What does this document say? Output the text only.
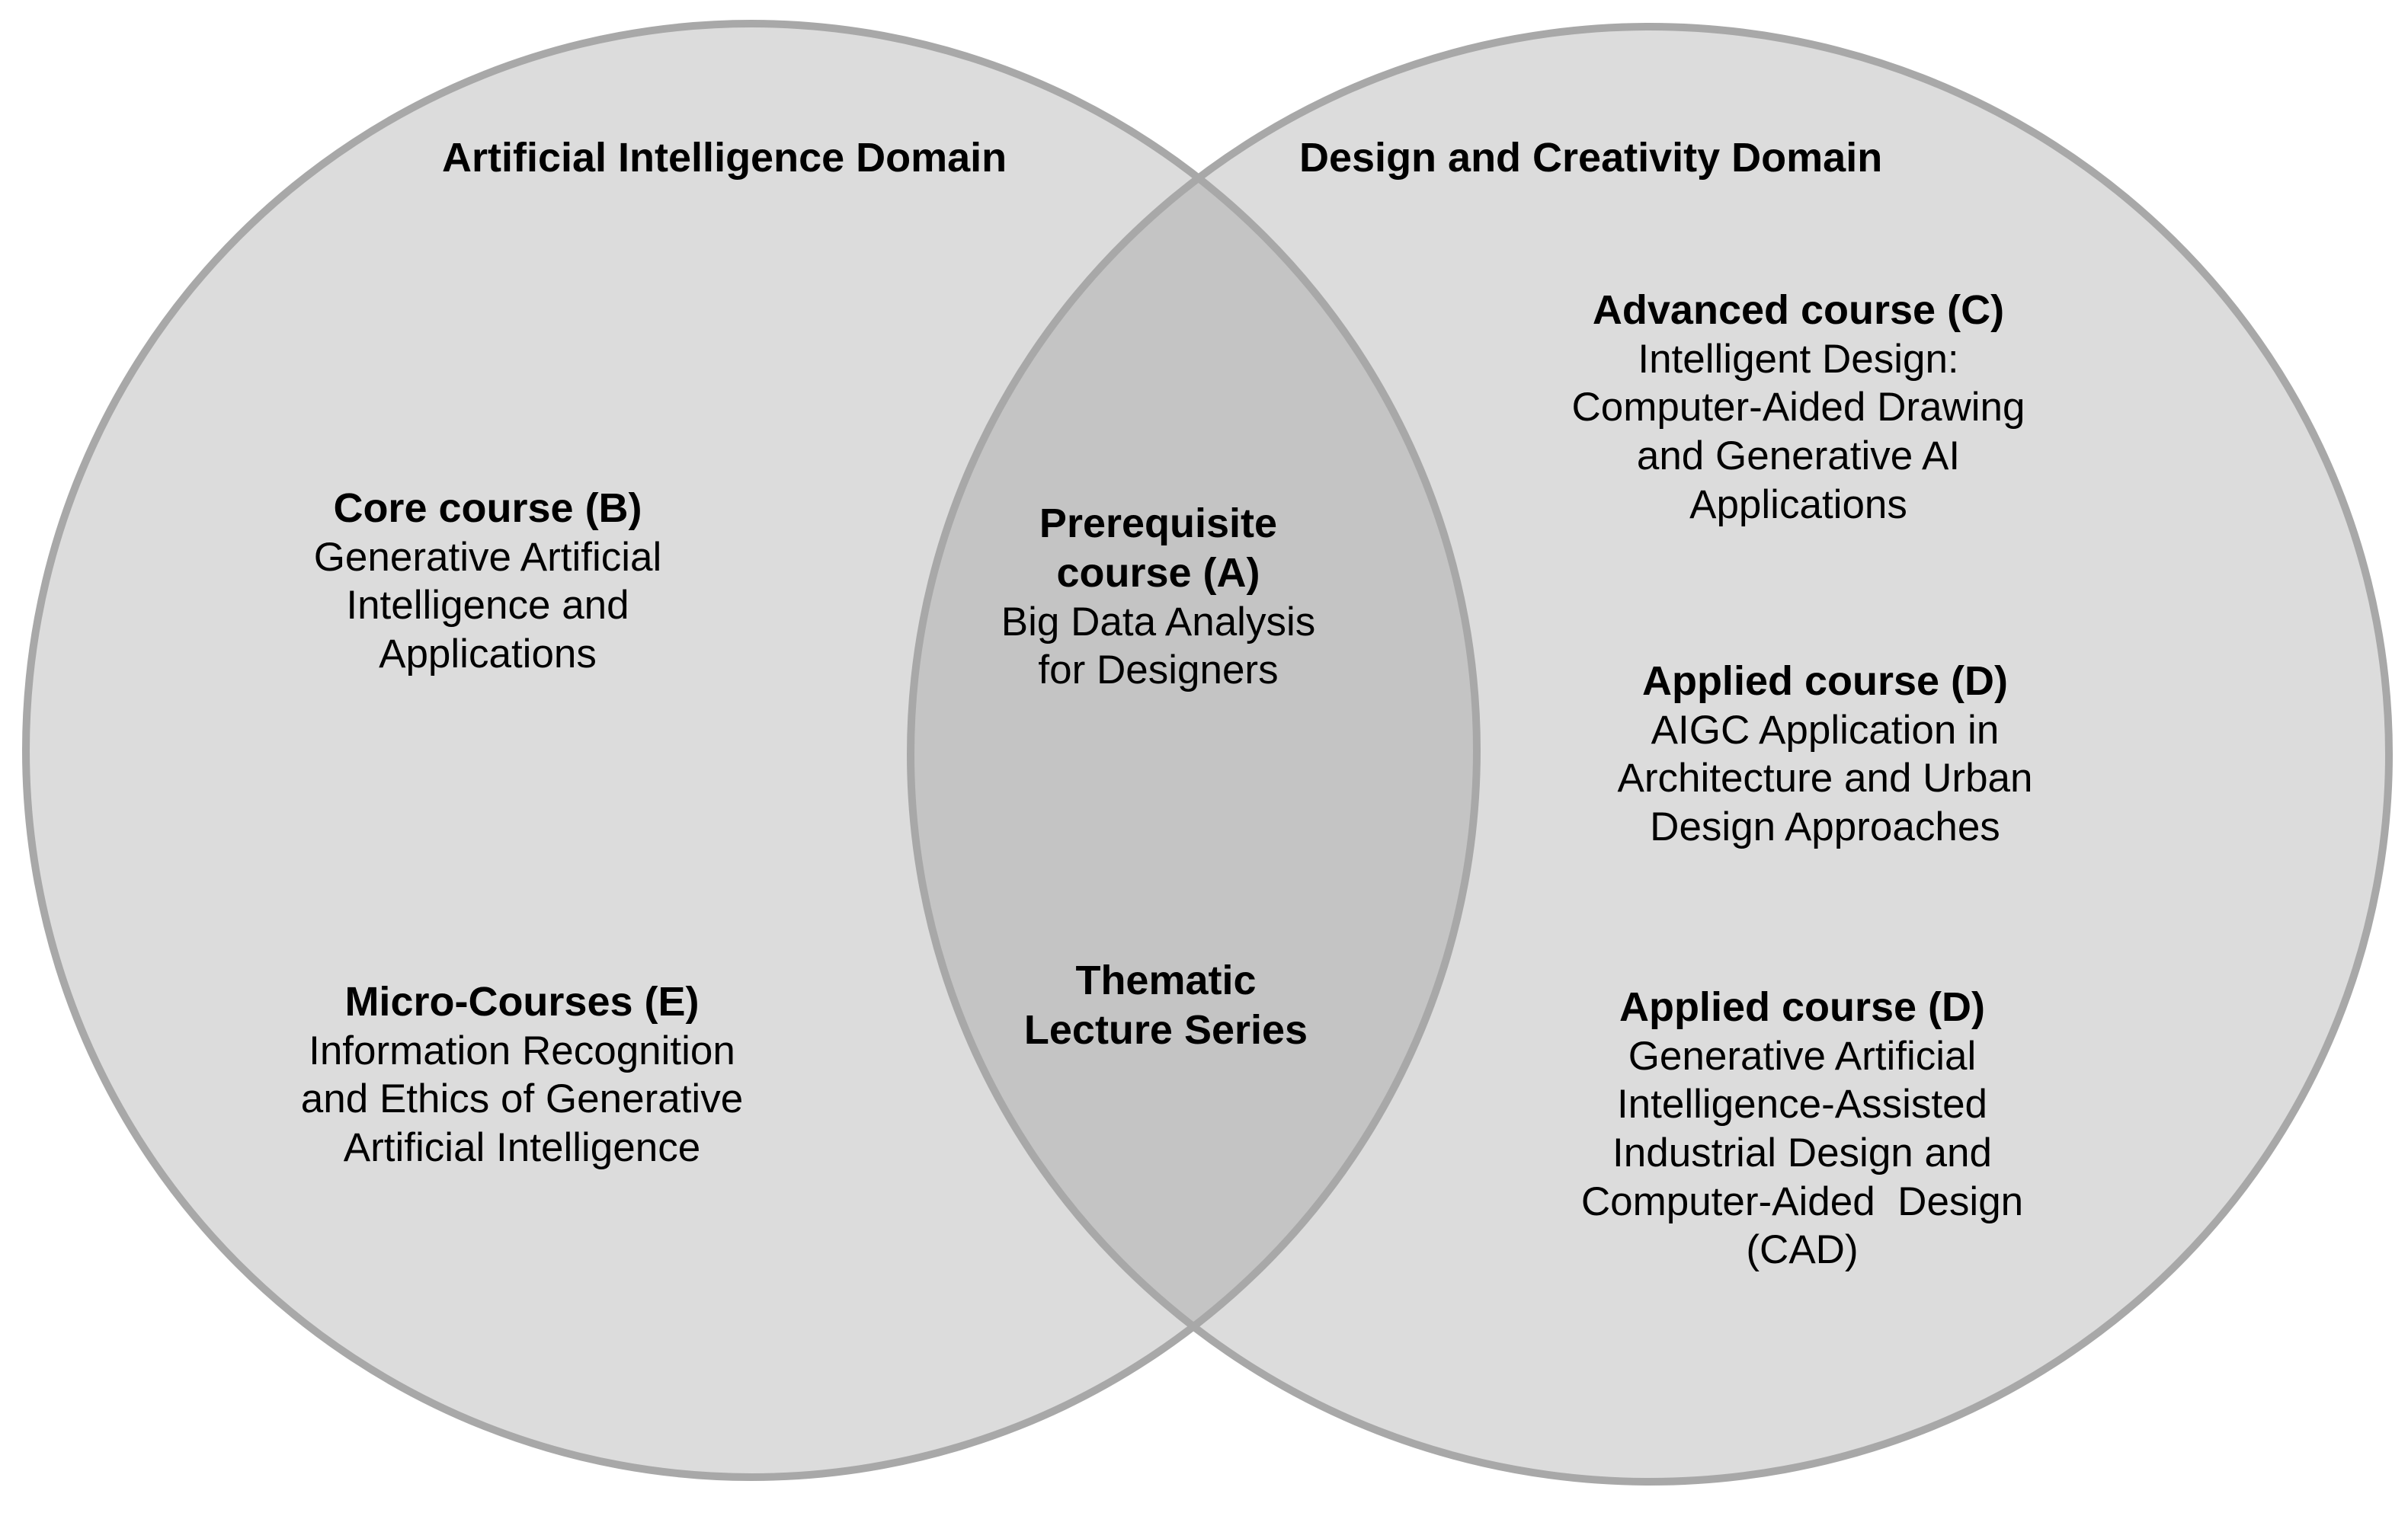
Artificial Intelligence Domain	Design and Creativity Domain
Prerequisite
course (A)
Big Data Analysis
for Designers
Thematic
Lecture Series
Core course (B)
Generative Artificial
Intelligence and
Applications
Micro-Courses (E)
Information Recognition
and Ethics of Generative
Artificial Intelligence
Advanced course (C)
Intelligent Design:
Computer-Aided Drawing
and Generative AI
Applications
Applied course (D)
AIGC Application in
Architecture and Urban
Design Approaches
Applied course (D)
Generative Artificial
Intelligence-Assisted
Industrial Design and
Computer-Aided  Design
(CAD)
